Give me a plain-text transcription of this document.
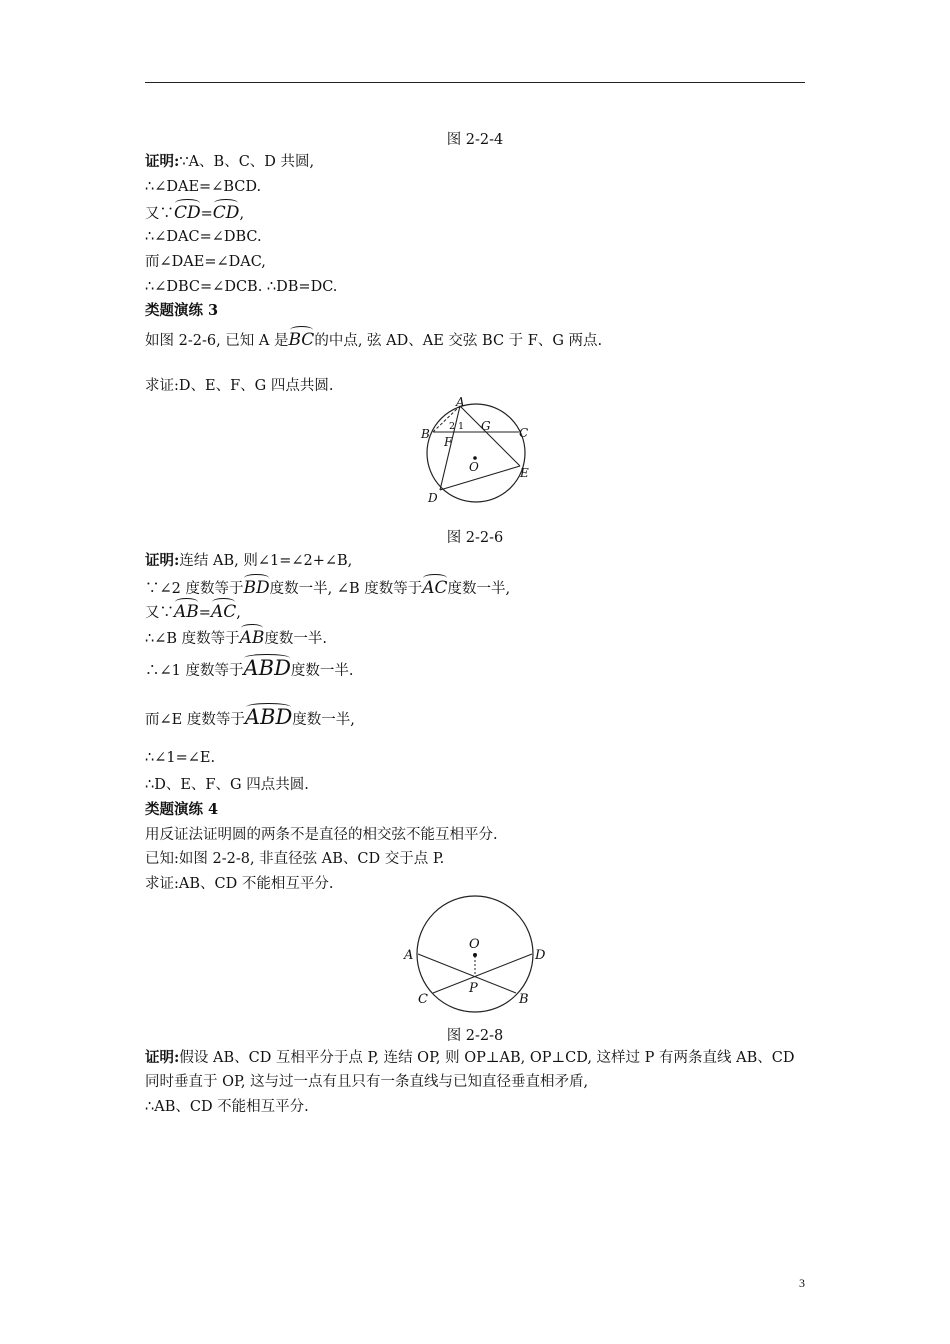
图 2-2-4
证明:∵A、B、C、D 共圆,
∴∠DAE=∠BCD.
又∵CD=CD,
∴∠DAC=∠DBC.
而∠DAE=∠DAC,
∴∠DBC=∠DCB. ∴DB=DC.
类题演练 3
如图 2-2-6, 已知 A 是BC的中点, 弦 AD、AE 交弦 BC 于 F、G 两点.
求证:D、E、F、G 四点共圆.
A
B	C
D
E
F
G
O
2 1
图 2-2-6
证明:连结 AB, 则∠1=∠2+∠B,
∵∠2 度数等于BD度数一半, ∠B 度数等于AC度数一半,
又∵AB=AC,
∴∠B 度数等于AB度数一半.
∴∠1 度数等于ABD度数一半.
而∠E 度数等于ABD度数一半,
∴∠1=∠E.
∴D、E、F、G 四点共圆.
类题演练 4
用反证法证明圆的两条不是直径的相交弦不能互相平分.
已知:如图 2-2-8, 非直径弦 AB、CD 交于点 P.
求证:AB、CD 不能相互平分.
O
A	D
C
P
B
图 2-2-8
证明:假设 AB、CD 互相平分于点 P, 连结 OP, 则 OP⊥AB, OP⊥CD, 这样过 P 有两条直线 AB、CD 同时垂直于 OP, 这与过一点有且只有一条直线与已知直径垂直相矛盾,
∴AB、CD 不能相互平分.
3
